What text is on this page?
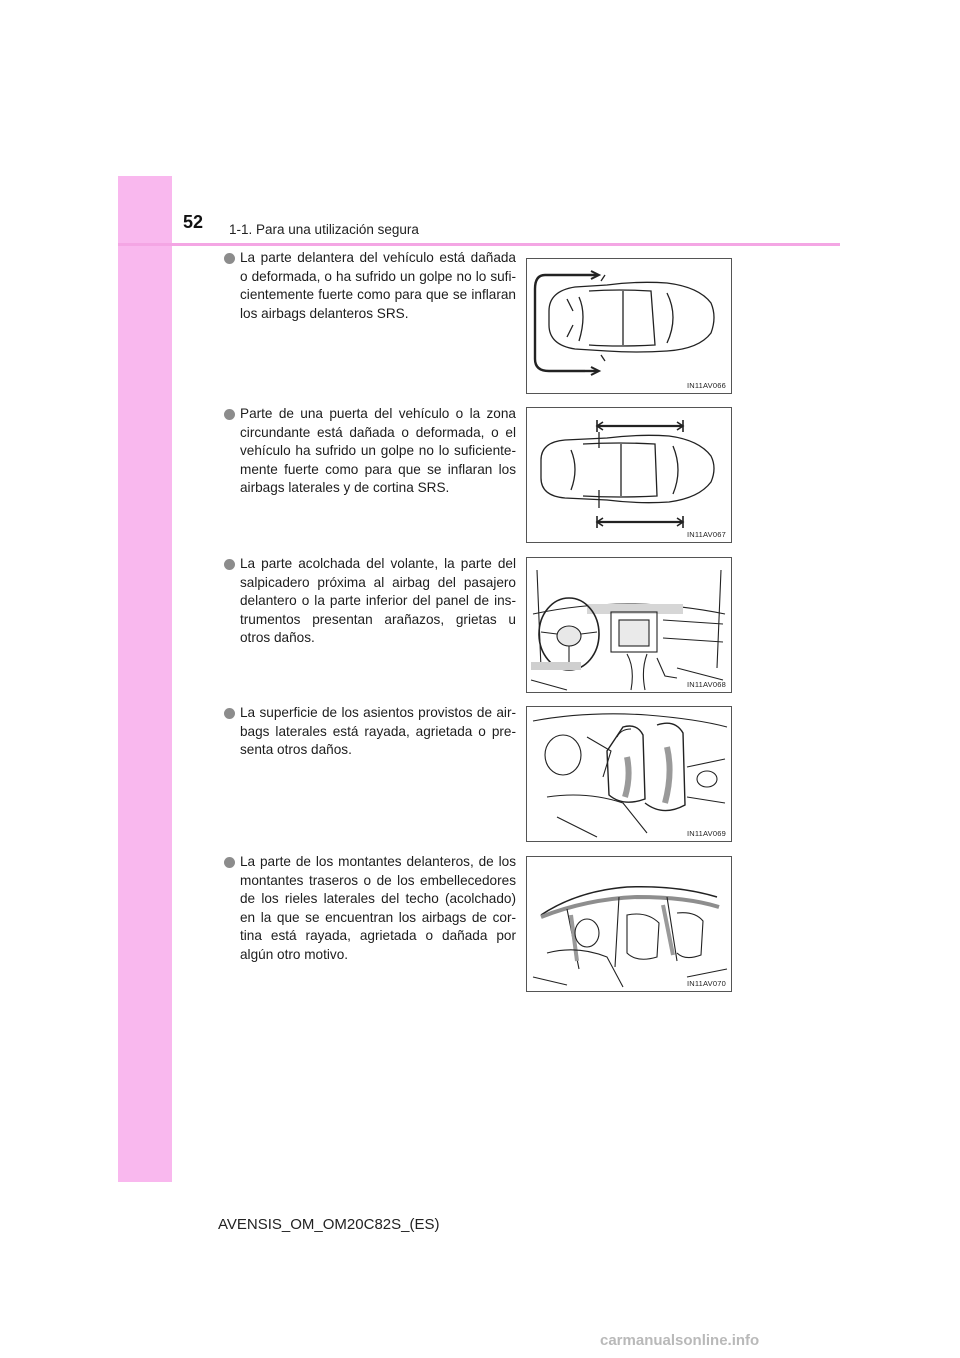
52 1-1. Para una utilización segura
La parte delantera del vehículo está dañada o deformada, o ha sufrido un golpe no lo sufi-cientemente fuerte como para que se inflaran los airbags delanteros SRS.
IN11AV066
Parte de una puerta del vehículo o la zona circundante está dañada o deformada, o el vehículo ha sufrido un golpe no lo suficiente-mente fuerte como para que se inflaran los airbags laterales y de cortina SRS.
IN11AV067
La parte acolchada del volante, la parte del salpicadero próxima al airbag del pasajero delantero o la parte inferior del panel de ins-trumentos presentan arañazos, grietas u otros daños.
IN11AV068
La superficie de los asientos provistos de air-bags laterales está rayada, agrietada o pre-senta otros daños.
IN11AV069
La parte de los montantes delanteros, de los montantes traseros o de los embellecedores de los rieles laterales del techo (acolchado) en la que se encuentran los airbags de cor-tina está rayada, agrietada o dañada por algún otro motivo.
IN11AV070
AVENSIS_OM_OM20C82S_(ES)
carmanualsonline.info
